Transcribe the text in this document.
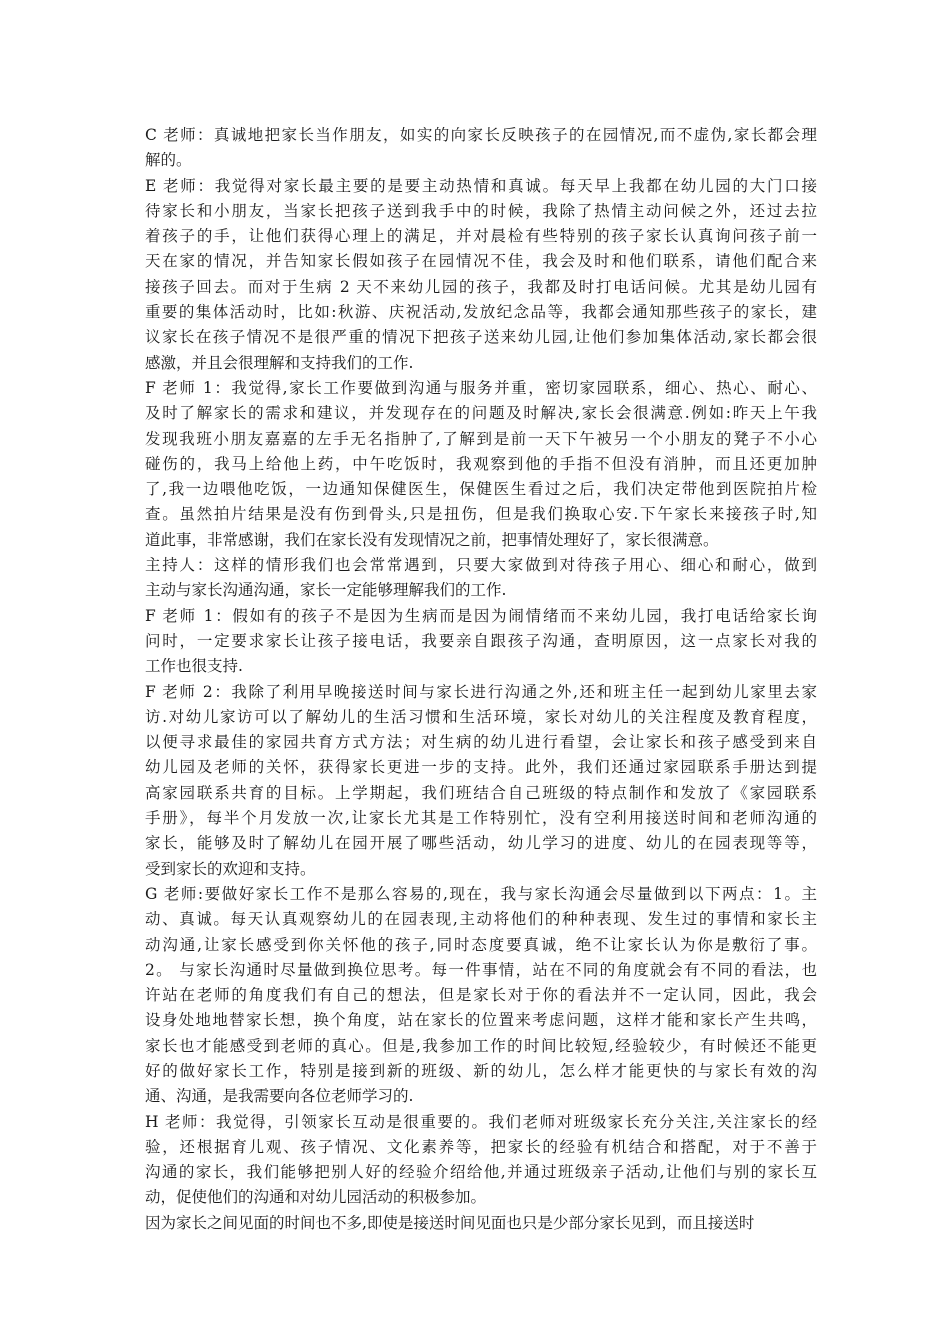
C 老师：真诚地把家长当作朋友，如实的向家长反映孩子的在园情况,而不虚伪,家长都会理
解的。
E 老师：我觉得对家长最主要的是要主动热情和真诚。每天早上我都在幼儿园的大门口接
待家长和小朋友，当家长把孩子送到我手中的时候，我除了热情主动问候之外，还过去拉
着孩子的手，让他们获得心理上的满足，并对晨检有些特别的孩子家长认真询问孩子前一
天在家的情况，并告知家长假如孩子在园情况不佳，我会及时和他们联系，请他们配合来
接孩子回去。而对于生病 2 天不来幼儿园的孩子，我都及时打电话问候。尤其是幼儿园有
重要的集体活动时，比如:秋游、庆祝活动,发放纪念品等，我都会通知那些孩子的家长，建
议家长在孩子情况不是很严重的情况下把孩子送来幼儿园,让他们参加集体活动,家长都会很
感激，并且会很理解和支持我们的工作.
F 老师 1：我觉得,家长工作要做到沟通与服务并重，密切家园联系，细心、热心、耐心、
及时了解家长的需求和建议，并发现存在的问题及时解决,家长会很满意.例如:昨天上午我
发现我班小朋友嘉嘉的左手无名指肿了,了解到是前一天下午被另一个小朋友的凳子不小心
碰伤的，我马上给他上药，中午吃饭时，我观察到他的手指不但没有消肿，而且还更加肿
了,我一边喂他吃饭，一边通知保健医生，保健医生看过之后，我们决定带他到医院拍片检
查。虽然拍片结果是没有伤到骨头,只是扭伤，但是我们换取心安.下午家长来接孩子时,知
道此事，非常感谢，我们在家长没有发现情况之前，把事情处理好了，家长很满意。
主持人：这样的情形我们也会常常遇到，只要大家做到对待孩子用心、细心和耐心，做到
主动与家长沟通沟通，家长一定能够理解我们的工作.
F 老师 1：假如有的孩子不是因为生病而是因为闹情绪而不来幼儿园，我打电话给家长询
问时，一定要求家长让孩子接电话，我要亲自跟孩子沟通，查明原因，这一点家长对我的
工作也很支持.
F 老师 2：我除了利用早晚接送时间与家长进行沟通之外,还和班主任一起到幼儿家里去家
访.对幼儿家访可以了解幼儿的生活习惯和生活环境，家长对幼儿的关注程度及教育程度，
以便寻求最佳的家园共育方式方法；对生病的幼儿进行看望，会让家长和孩子感受到来自
幼儿园及老师的关怀，获得家长更进一步的支持。此外，我们还通过家园联系手册达到提
高家园联系共育的目标。上学期起，我们班结合自己班级的特点制作和发放了《家园联系
手册》，每半个月发放一次,让家长尤其是工作特别忙，没有空利用接送时间和老师沟通的
家长，能够及时了解幼儿在园开展了哪些活动，幼儿学习的进度、幼儿的在园表现等等，
受到家长的欢迎和支持。
G 老师:要做好家长工作不是那么容易的,现在，我与家长沟通会尽量做到以下两点：1。主
动、真诚。每天认真观察幼儿的在园表现,主动将他们的种种表现、发生过的事情和家长主
动沟通,让家长感受到你关怀他的孩子,同时态度要真诚，绝不让家长认为你是敷衍了事。
2。 与家长沟通时尽量做到换位思考。每一件事情，站在不同的角度就会有不同的看法，也
许站在老师的角度我们有自己的想法，但是家长对于你的看法并不一定认同，因此，我会
设身处地地替家长想，换个角度，站在家长的位置来考虑问题，这样才能和家长产生共鸣，
家长也才能感受到老师的真心。但是,我参加工作的时间比较短,经验较少，有时候还不能更
好的做好家长工作，特别是接到新的班级、新的幼儿，怎么样才能更快的与家长有效的沟
通、沟通，是我需要向各位老师学习的.
H 老师：我觉得，引领家长互动是很重要的。我们老师对班级家长充分关注,关注家长的经
验，还根据育儿观、孩子情况、文化素养等，把家长的经验有机结合和搭配，对于不善于
沟通的家长，我们能够把别人好的经验介绍给他,并通过班级亲子活动,让他们与别的家长互
动，促使他们的沟通和对幼儿园活动的积极参加。
因为家长之间见面的时间也不多,即使是接送时间见面也只是少部分家长见到，而且接送时
